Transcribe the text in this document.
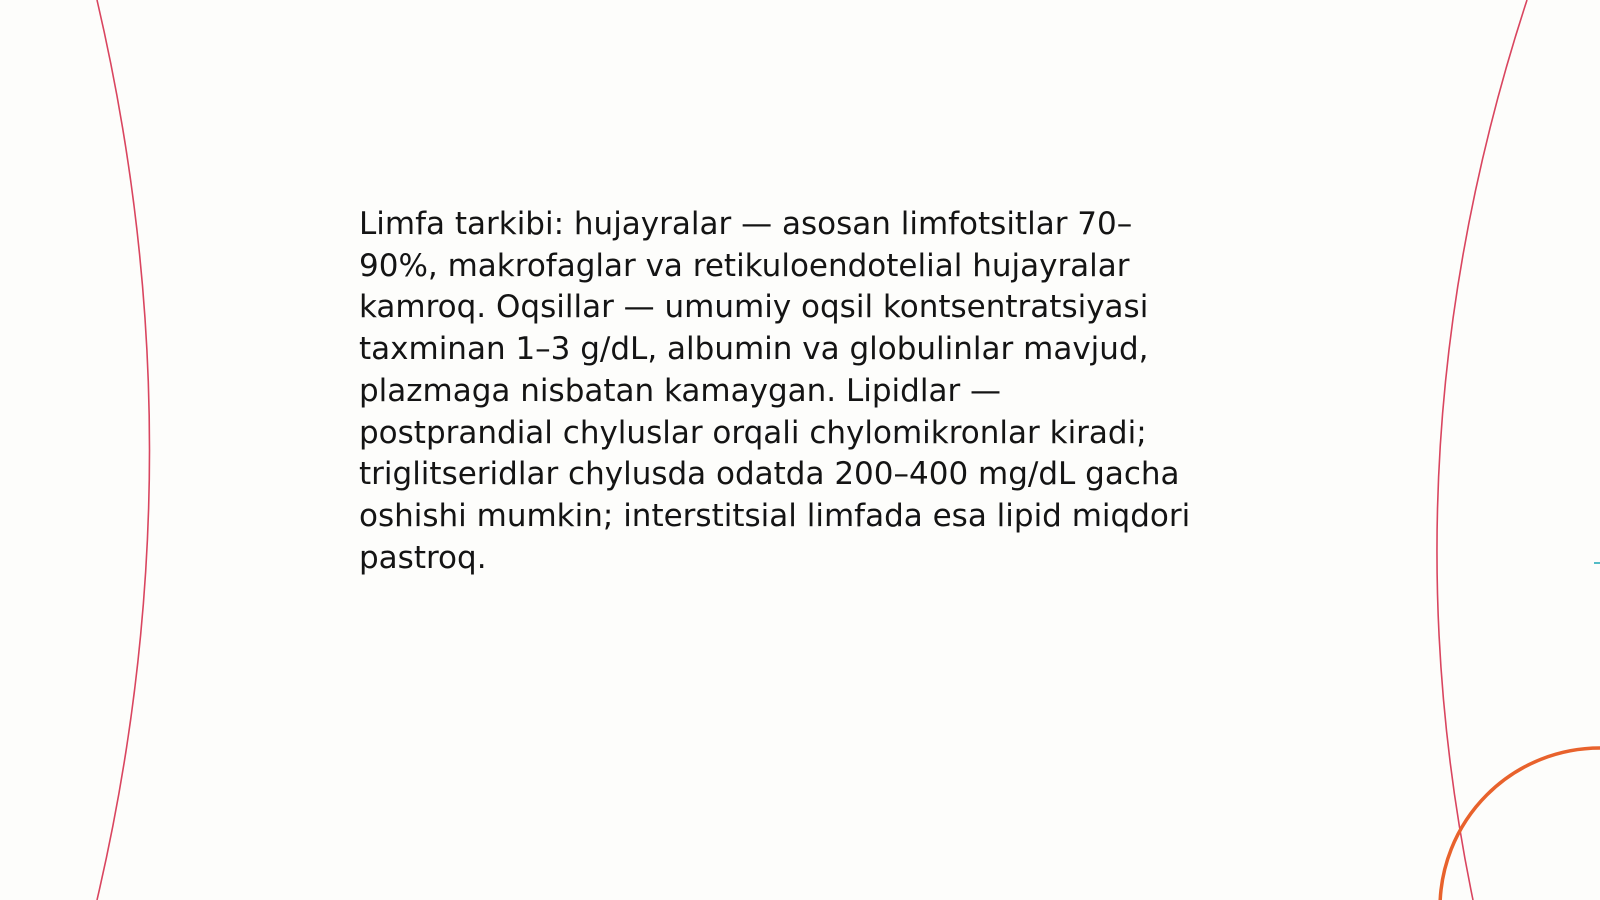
Limfa tarkibi: hujayralar — asosan limfotsitlar 70–
90%, makrofaglar va retikuloendotelial hujayralar
kamroq. Oqsillar — umumiy oqsil kontsentratsiyasi
taxminan 1–3 g/dL, albumin va globulinlar mavjud,
plazmaga nisbatan kamaygan. Lipidlar —
postprandial chyluslar orqali chylomikronlar kiradi;
triglitseridlar chylusda odatda 200–400 mg/dL gacha
oshishi mumkin; interstitsial limfada esa lipid miqdori
pastroq.
